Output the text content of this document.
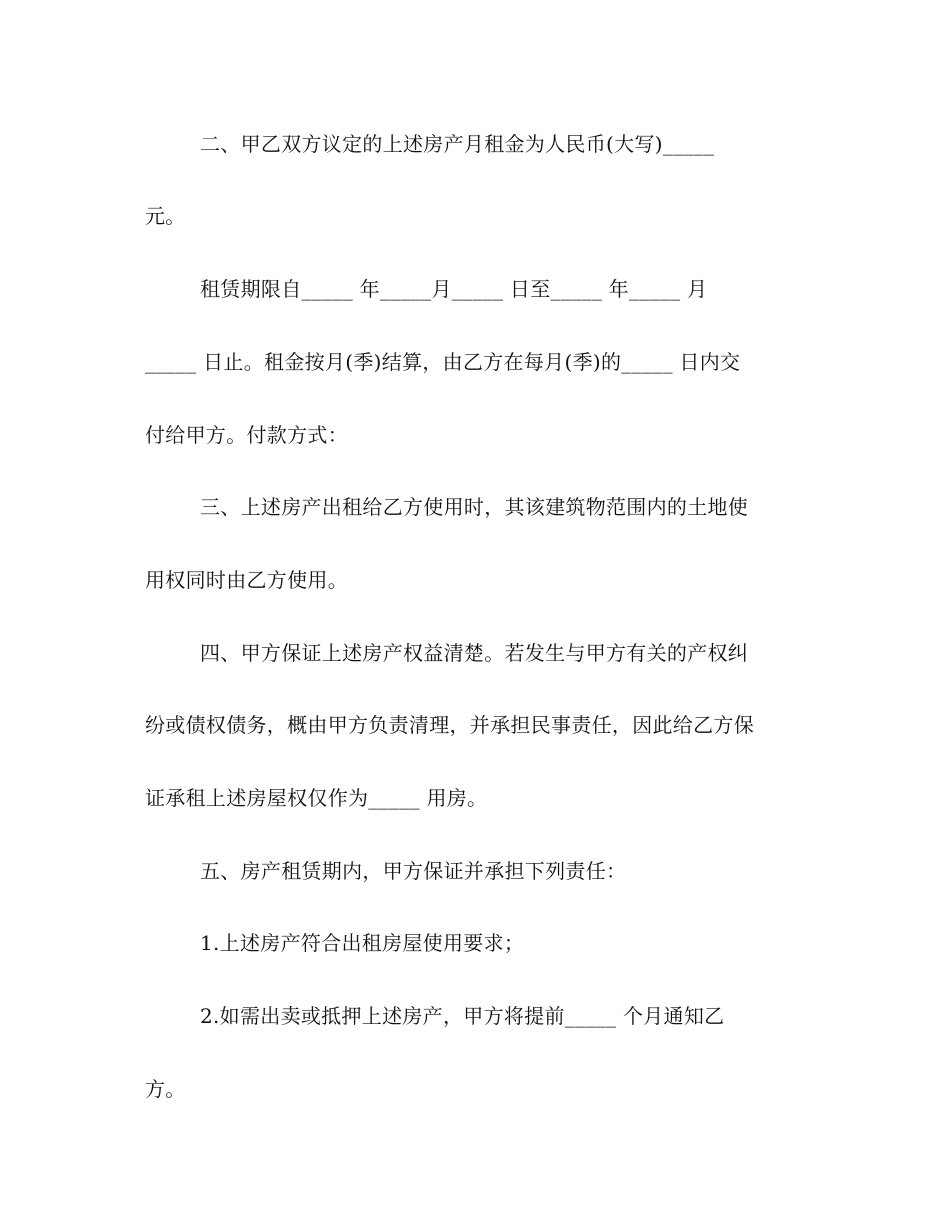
二、甲乙双方议定的上述房产月租金为人民币(大写)_____
元。
租赁期限自_____ 年_____月_____ 日至_____ 年_____ 月
_____ 日止。租金按月(季)结算，由乙方在每月(季)的_____ 日内交
付给甲方。付款方式：
三、上述房产出租给乙方使用时，其该建筑物范围内的土地使
用权同时由乙方使用。
四、甲方保证上述房产权益清楚。若发生与甲方有关的产权纠
纷或债权债务，概由甲方负责清理，并承担民事责任，因此给乙方保
证承租上述房屋权仅作为_____ 用房。
五、房产租赁期内，甲方保证并承担下列责任：
1.上述房产符合出租房屋使用要求；
2.如需出卖或抵押上述房产，甲方将提前_____ 个月通知乙
方。
